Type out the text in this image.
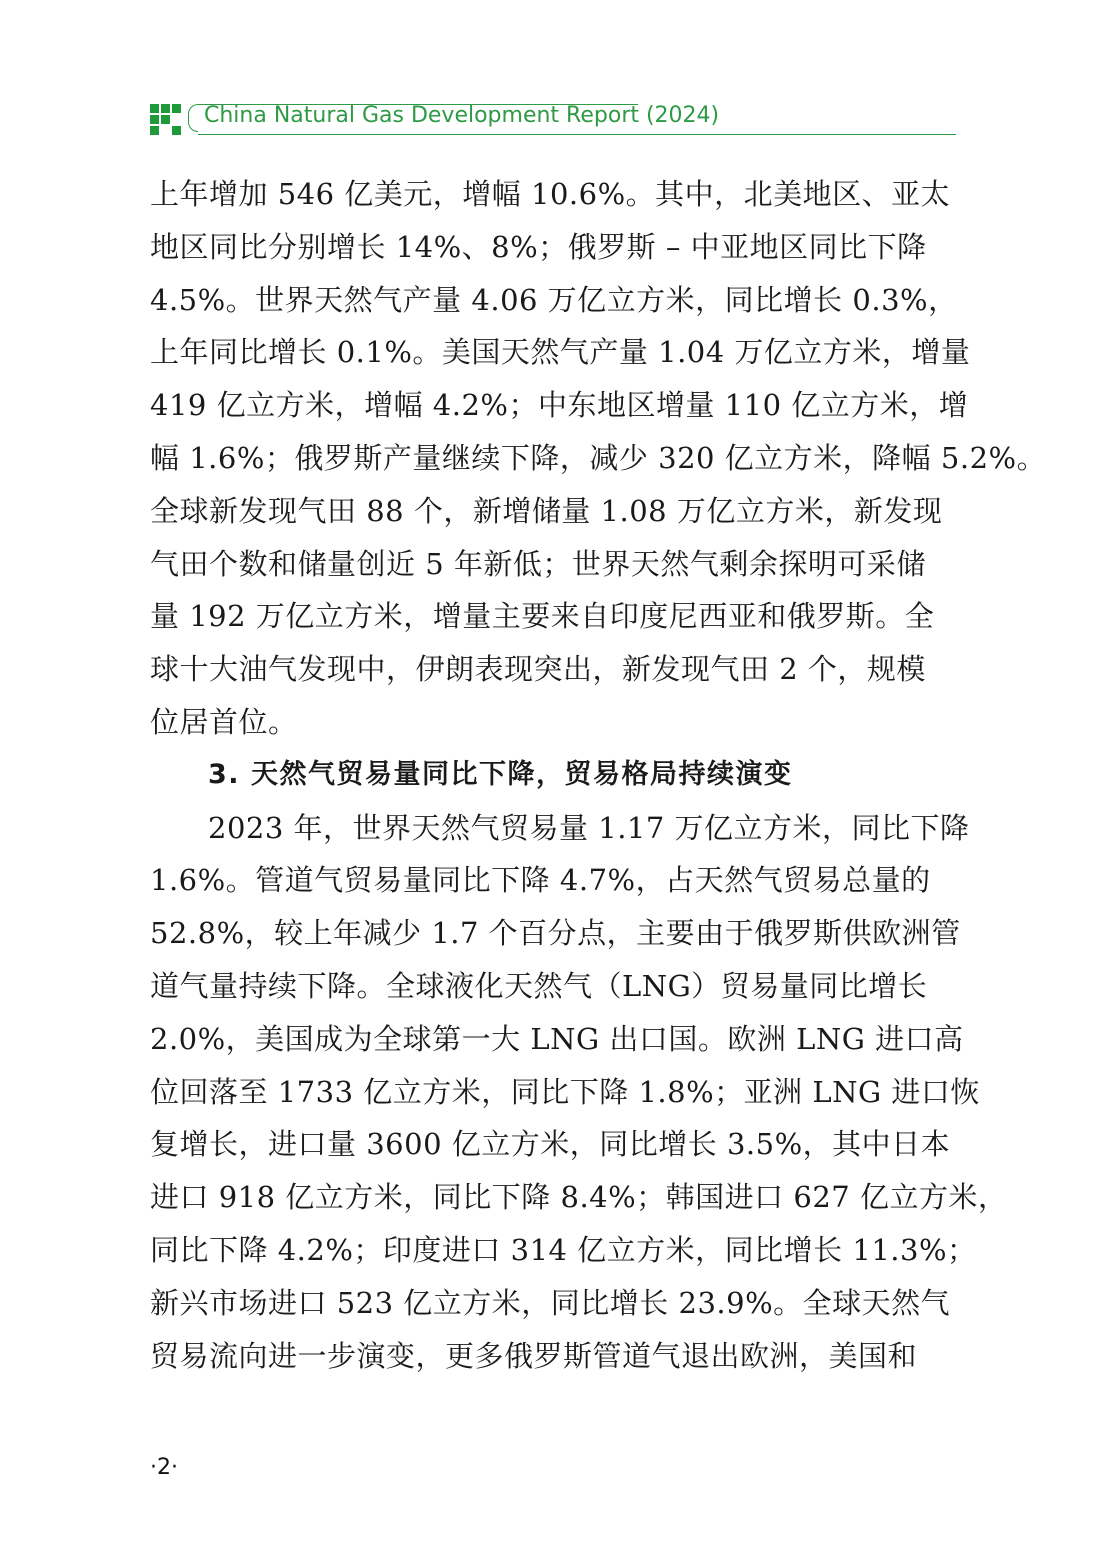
China Natural Gas Development Report (2024)
上年增加 546 亿美元，增幅 10.6%。其中，北美地区、亚太
地区同比分别增长 14%、8%；俄罗斯 – 中亚地区同比下降
4.5%。世界天然气产量 4.06 万亿立方米，同比增长 0.3%，
上年同比增长 0.1%。美国天然气产量 1.04 万亿立方米，增量
419 亿立方米，增幅 4.2%；中东地区增量 110 亿立方米，增
幅 1.6%；俄罗斯产量继续下降，减少 320 亿立方米，降幅 5.2%。
全球新发现气田 88 个，新增储量 1.08 万亿立方米，新发现
气田个数和储量创近 5 年新低；世界天然气剩余探明可采储
量 192 万亿立方米，增量主要来自印度尼西亚和俄罗斯。全
球十大油气发现中，伊朗表现突出，新发现气田 2 个，规模
位居首位。
3. 天然气贸易量同比下降，贸易格局持续演变
2023 年，世界天然气贸易量 1.17 万亿立方米，同比下降
1.6%。管道气贸易量同比下降 4.7%，占天然气贸易总量的
52.8%，较上年减少 1.7 个百分点，主要由于俄罗斯供欧洲管
道气量持续下降。全球液化天然气（LNG）贸易量同比增长
2.0%，美国成为全球第一大 LNG 出口国。欧洲 LNG 进口高
位回落至 1733 亿立方米，同比下降 1.8%；亚洲 LNG 进口恢
复增长，进口量 3600 亿立方米，同比增长 3.5%，其中日本
进口 918 亿立方米，同比下降 8.4%；韩国进口 627 亿立方米，
同比下降 4.2%；印度进口 314 亿立方米，同比增长 11.3%；
新兴市场进口 523 亿立方米，同比增长 23.9%。全球天然气
贸易流向进一步演变，更多俄罗斯管道气退出欧洲，美国和
·2·
